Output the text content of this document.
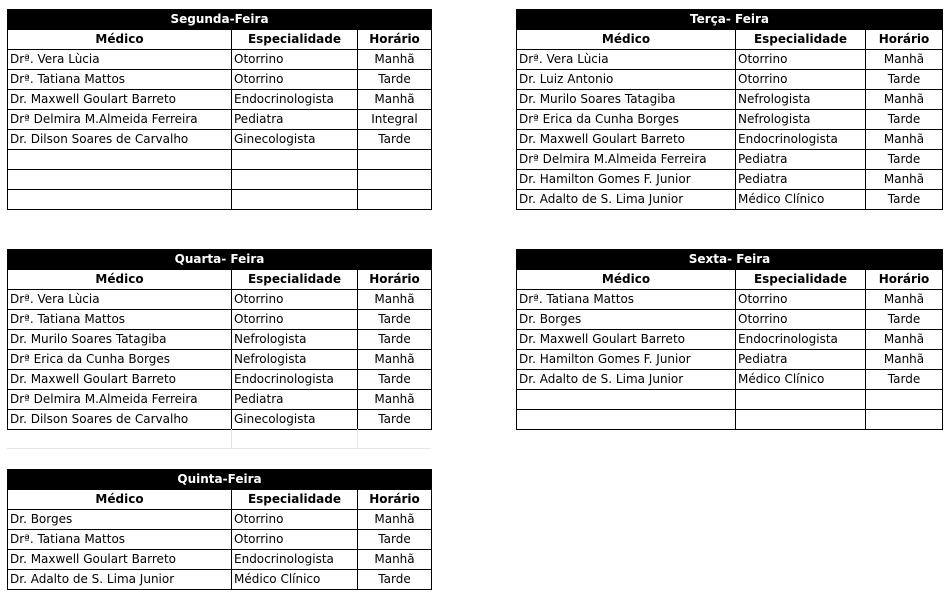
Segunda-Feira		
Médico	Especialidade	Horário
Drª. Vera Lùcia	Otorrino	Manhã
Drª. Tatiana Mattos	Otorrino	Tarde
Dr. Maxwell Goulart Barreto	Endocrinologista	Manhã
Drª Delmira M.Almeida Ferreira	Pediatra	Integral
Dr. Dilson Soares de Carvalho	Ginecologista	Tarde

Terça- Feira		
Médico	Especialidade	Horário
Drª. Vera Lùcia	Otorrino	Manhã
Dr. Luiz Antonio	Otorrino	Tarde
Dr. Murilo Soares Tatagiba	Nefrologista	Manhã
Drª Erica da Cunha Borges	Nefrologista	Tarde
Dr. Maxwell Goulart Barreto	Endocrinologista	Manhã
Drª Delmira M.Almeida Ferreira	Pediatra	Tarde
Dr. Hamilton Gomes F. Junior	Pediatra	Manhã
Dr. Adalto de S. Lima Junior	Médico Clínico	Tarde
Quarta- Feira		
Médico	Especialidade	Horário
Drª. Vera Lùcia	Otorrino	Manhã
Drª. Tatiana Mattos	Otorrino	Tarde
Dr. Murilo Soares Tatagiba	Nefrologista	Tarde
Drª Erica da Cunha Borges	Nefrologista	Manhã
Dr. Maxwell Goulart Barreto	Endocrinologista	Tarde
Drª Delmira M.Almeida Ferreira	Pediatra	Manhã
Dr. Dilson Soares de Carvalho	Ginecologista	Tarde

Sexta- Feira		
Médico	Especialidade	Horário
Drª. Tatiana Mattos	Otorrino	Manhã
Dr. Borges	Otorrino	Tarde
Dr. Maxwell Goulart Barreto	Endocrinologista	Manhã
Dr. Hamilton Gomes F. Junior	Pediatra	Manhã
Dr. Adalto de S. Lima Junior	Médico Clínico	Tarde

Quinta-Feira		
Médico	Especialidade	Horário
Dr. Borges	Otorrino	Manhã
Drª. Tatiana Mattos	Otorrino	Tarde
Dr. Maxwell Goulart Barreto	Endocrinologista	Manhã
Dr. Adalto de S. Lima Junior	Médico Clínico	Tarde
